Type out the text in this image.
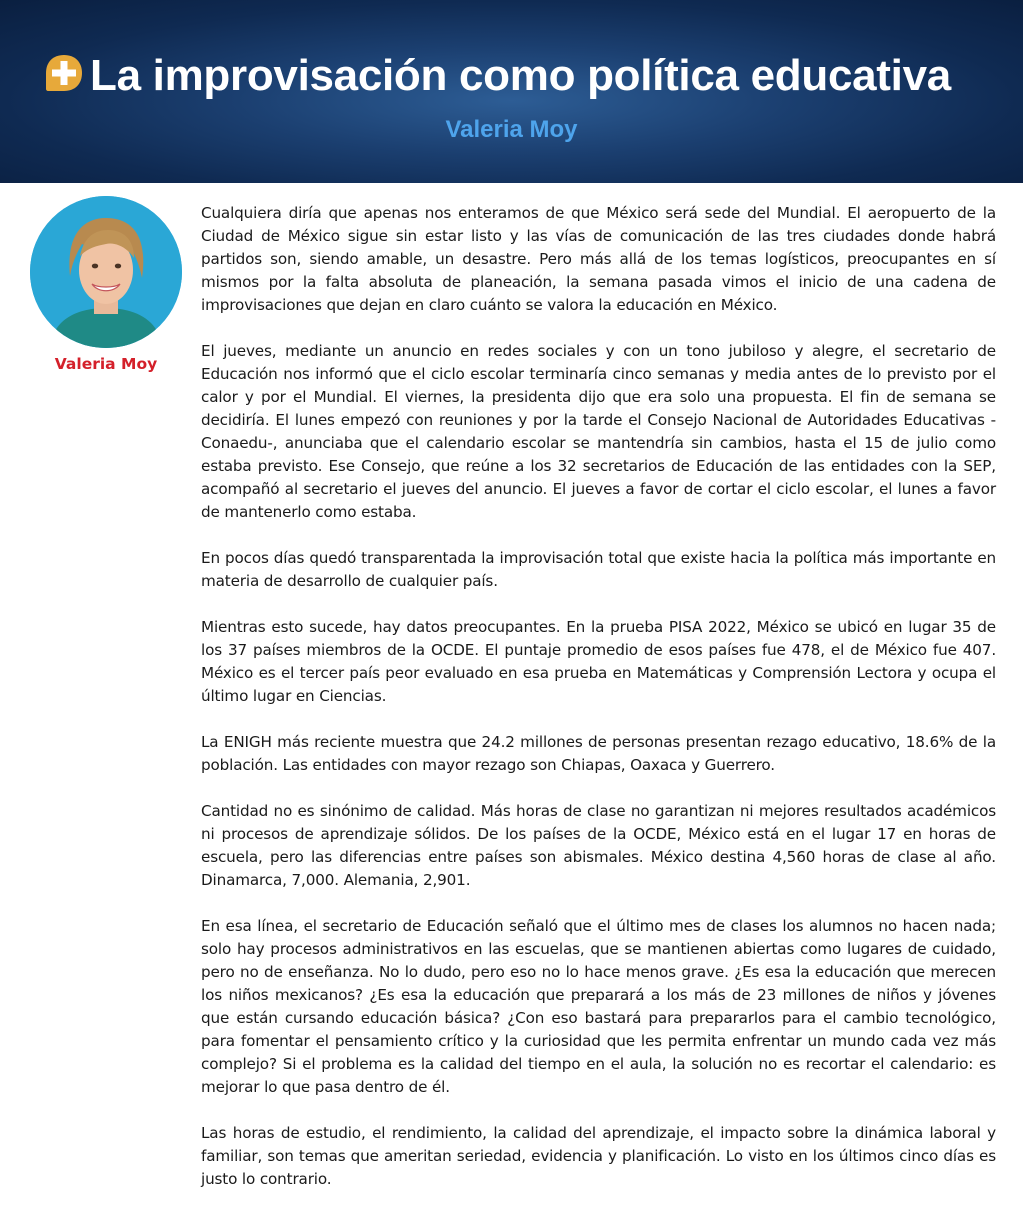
La improvisación como política educativa
Valeria Moy
Valeria Moy

Cualquiera diría que apenas nos enteramos de que México será sede del Mundial. El aeropuerto de la Ciudad de México sigue sin estar listo y las vías de comunicación de las tres ciudades donde habrá partidos son, siendo amable, un desastre. Pero más allá de los temas logísticos, preocupantes en sí mismos por la falta absoluta de planeación, la semana pasada vimos el inicio de una cadena de improvisaciones que dejan en claro cuánto se valora la educación en México.

El jueves, mediante un anuncio en redes sociales y con un tono jubiloso y alegre, el secretario de Educación nos informó que el ciclo escolar terminaría cinco semanas y media antes de lo previsto por el calor y por el Mundial. El viernes, la presidenta dijo que era solo una propuesta. El fin de semana se decidiría. El lunes empezó con reuniones y por la tarde el Consejo Nacional de Autoridades Educativas -Conaedu-, anunciaba que el calendario escolar se mantendría sin cambios, hasta el 15 de julio como estaba previsto. Ese Consejo, que reúne a los 32 secretarios de Educación de las entidades con la SEP, acompañó al secretario el jueves del anuncio. El jueves a favor de cortar el ciclo escolar, el lunes a favor de mantenerlo como estaba.

En pocos días quedó transparentada la improvisación total que existe hacia la política más importante en materia de desarrollo de cualquier país.

Mientras esto sucede, hay datos preocupantes. En la prueba PISA 2022, México se ubicó en lugar 35 de los 37 países miembros de la OCDE. El puntaje promedio de esos países fue 478, el de México fue 407. México es el tercer país peor evaluado en esa prueba en Matemáticas y Comprensión Lectora y ocupa el último lugar en Ciencias.

La ENIGH más reciente muestra que 24.2 millones de personas presentan rezago educativo, 18.6% de la población. Las entidades con mayor rezago son Chiapas, Oaxaca y Guerrero.

Cantidad no es sinónimo de calidad. Más horas de clase no garantizan ni mejores resultados académicos ni procesos de aprendizaje sólidos. De los países de la OCDE, México está en el lugar 17 en horas de escuela, pero las diferencias entre países son abismales. México destina 4,560 horas de clase al año. Dinamarca, 7,000. Alemania, 2,901.

En esa línea, el secretario de Educación señaló que el último mes de clases los alumnos no hacen nada; solo hay procesos administrativos en las escuelas, que se mantienen abiertas como lugares de cuidado, pero no de enseñanza. No lo dudo, pero eso no lo hace menos grave. ¿Es esa la educación que merecen los niños mexicanos? ¿Es esa la educación que preparará a los más de 23 millones de niños y jóvenes que están cursando educación básica? ¿Con eso bastará para prepararlos para el cambio tecnológico, para fomentar el pensamiento crítico y la curiosidad que les permita enfrentar un mundo cada vez más complejo? Si el problema es la calidad del tiempo en el aula, la solución no es recortar el calendario: es mejorar lo que pasa dentro de él.

Las horas de estudio, el rendimiento, la calidad del aprendizaje, el impacto sobre la dinámica laboral y familiar, son temas que ameritan seriedad, evidencia y planificación. Lo visto en los últimos cinco días es justo lo contrario.
